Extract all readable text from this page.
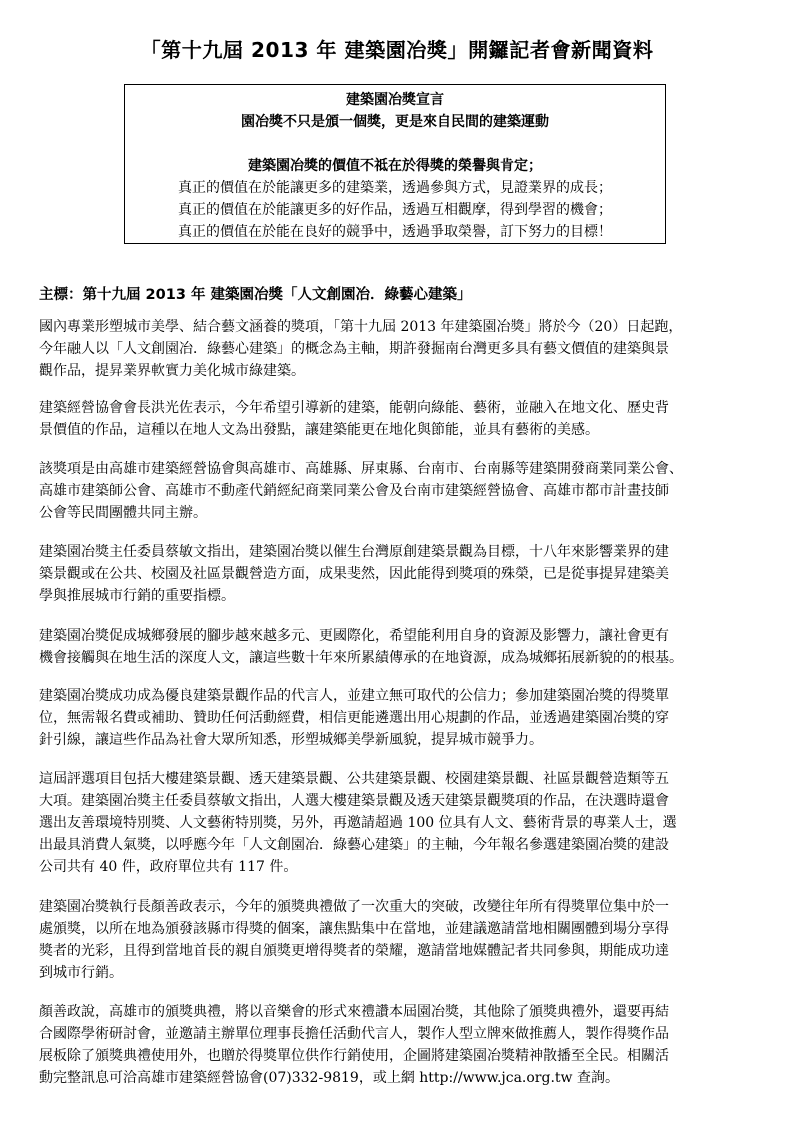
「第十九屆 2013 年 建築園冶獎」開鑼記者會新聞資料
建築園冶獎宣言
園冶獎不只是頒一個獎，更是來自民間的建築運動
建築園冶獎的價值不祗在於得獎的榮譽與肯定；
真正的價值在於能讓更多的建築業，透過參與方式，見證業界的成長；
真正的價值在於能讓更多的好作品，透過互相觀摩，得到學習的機會；
真正的價值在於能在良好的競爭中，透過爭取榮譽，訂下努力的目標！
主標：第十九屆 2013 年 建築園冶獎「人文創園冶．綠藝心建築」
國內專業形塑城市美學、結合藝文涵養的獎項，「第十九屆 2013 年建築園冶獎」將於今（20）日起跑，
今年融人以「人文創園冶．綠藝心建築」的概念為主軸，期許發掘南台灣更多具有藝文價值的建築與景
觀作品，提昇業界軟實力美化城市綠建築。
建築經營協會會長洪光佐表示，今年希望引導新的建築，能朝向綠能、藝術，並融入在地文化、歷史背
景價值的作品，這種以在地人文為出發點，讓建築能更在地化與節能，並具有藝術的美感。
該獎項是由高雄市建築經營協會與高雄市、高雄縣、屏東縣、台南市、台南縣等建築開發商業同業公會、
高雄市建築師公會、高雄市不動產代銷經紀商業同業公會及台南市建築經營協會、高雄市都市計畫技師
公會等民間團體共同主辦。
建築園冶獎主任委員蔡敏文指出，建築園冶獎以催生台灣原創建築景觀為目標，十八年來影響業界的建
築景觀或在公共、校園及社區景觀營造方面，成果斐然，因此能得到獎項的殊榮，已是從事提昇建築美
學與推展城市行銷的重要指標。
建築園冶獎促成城鄉發展的腳步越來越多元、更國際化，希望能利用自身的資源及影響力，讓社會更有
機會接觸與在地生活的深度人文，讓這些數十年來所累績傳承的在地資源，成為城鄉拓展新貌的的根基。
建築園冶獎成功成為優良建築景觀作品的代言人，並建立無可取代的公信力；參加建築園冶獎的得獎單
位，無需報名費或補助、贊助任何活動經費，相信更能遴選出用心規劃的作品，並透過建築園冶獎的穿
針引線，讓這些作品為社會大眾所知悉，形塑城鄉美學新風貌，提昇城市競爭力。
這屆評選項目包括大樓建築景觀、透天建築景觀、公共建築景觀、校園建築景觀、社區景觀營造類等五
大項。建築園冶獎主任委員蔡敏文指出，人選大樓建築景觀及透天建築景觀獎項的作品，在決選時還會
選出友善環境特別獎、人文藝術特別獎，另外，再邀請超過 100 位具有人文、藝術背景的專業人士，選
出最具消費人氣獎，以呼應今年「人文創園冶．綠藝心建築」的主軸，今年報名參選建築園冶獎的建設
公司共有 40 件，政府單位共有 117 件。
建築園冶獎執行長顏善政表示，今年的頒獎典禮做了一次重大的突破，改變往年所有得獎單位集中於一
處頒獎，以所在地為頒發該縣市得獎的個案，讓焦點集中在當地，並建議邀請當地相關團體到場分享得
獎者的光彩，且得到當地首長的親自頒獎更增得獎者的榮耀，邀請當地媒體記者共同參與，期能成功達
到城市行銷。
顏善政說，高雄市的頒獎典禮，將以音樂會的形式來禮讚本屆園冶獎，其他除了頒獎典禮外，還要再結
合國際學術研討會，並邀請主辦單位理事長擔任活動代言人，製作人型立牌來做推薦人，製作得獎作品
展板除了頒獎典禮使用外，也贈於得獎單位供作行銷使用，企圖將建築園冶獎精神散播至全民。相關活
動完整訊息可洽高雄市建築經營協會(07)332-9819，或上網 http://www.jca.org.tw 查詢。
